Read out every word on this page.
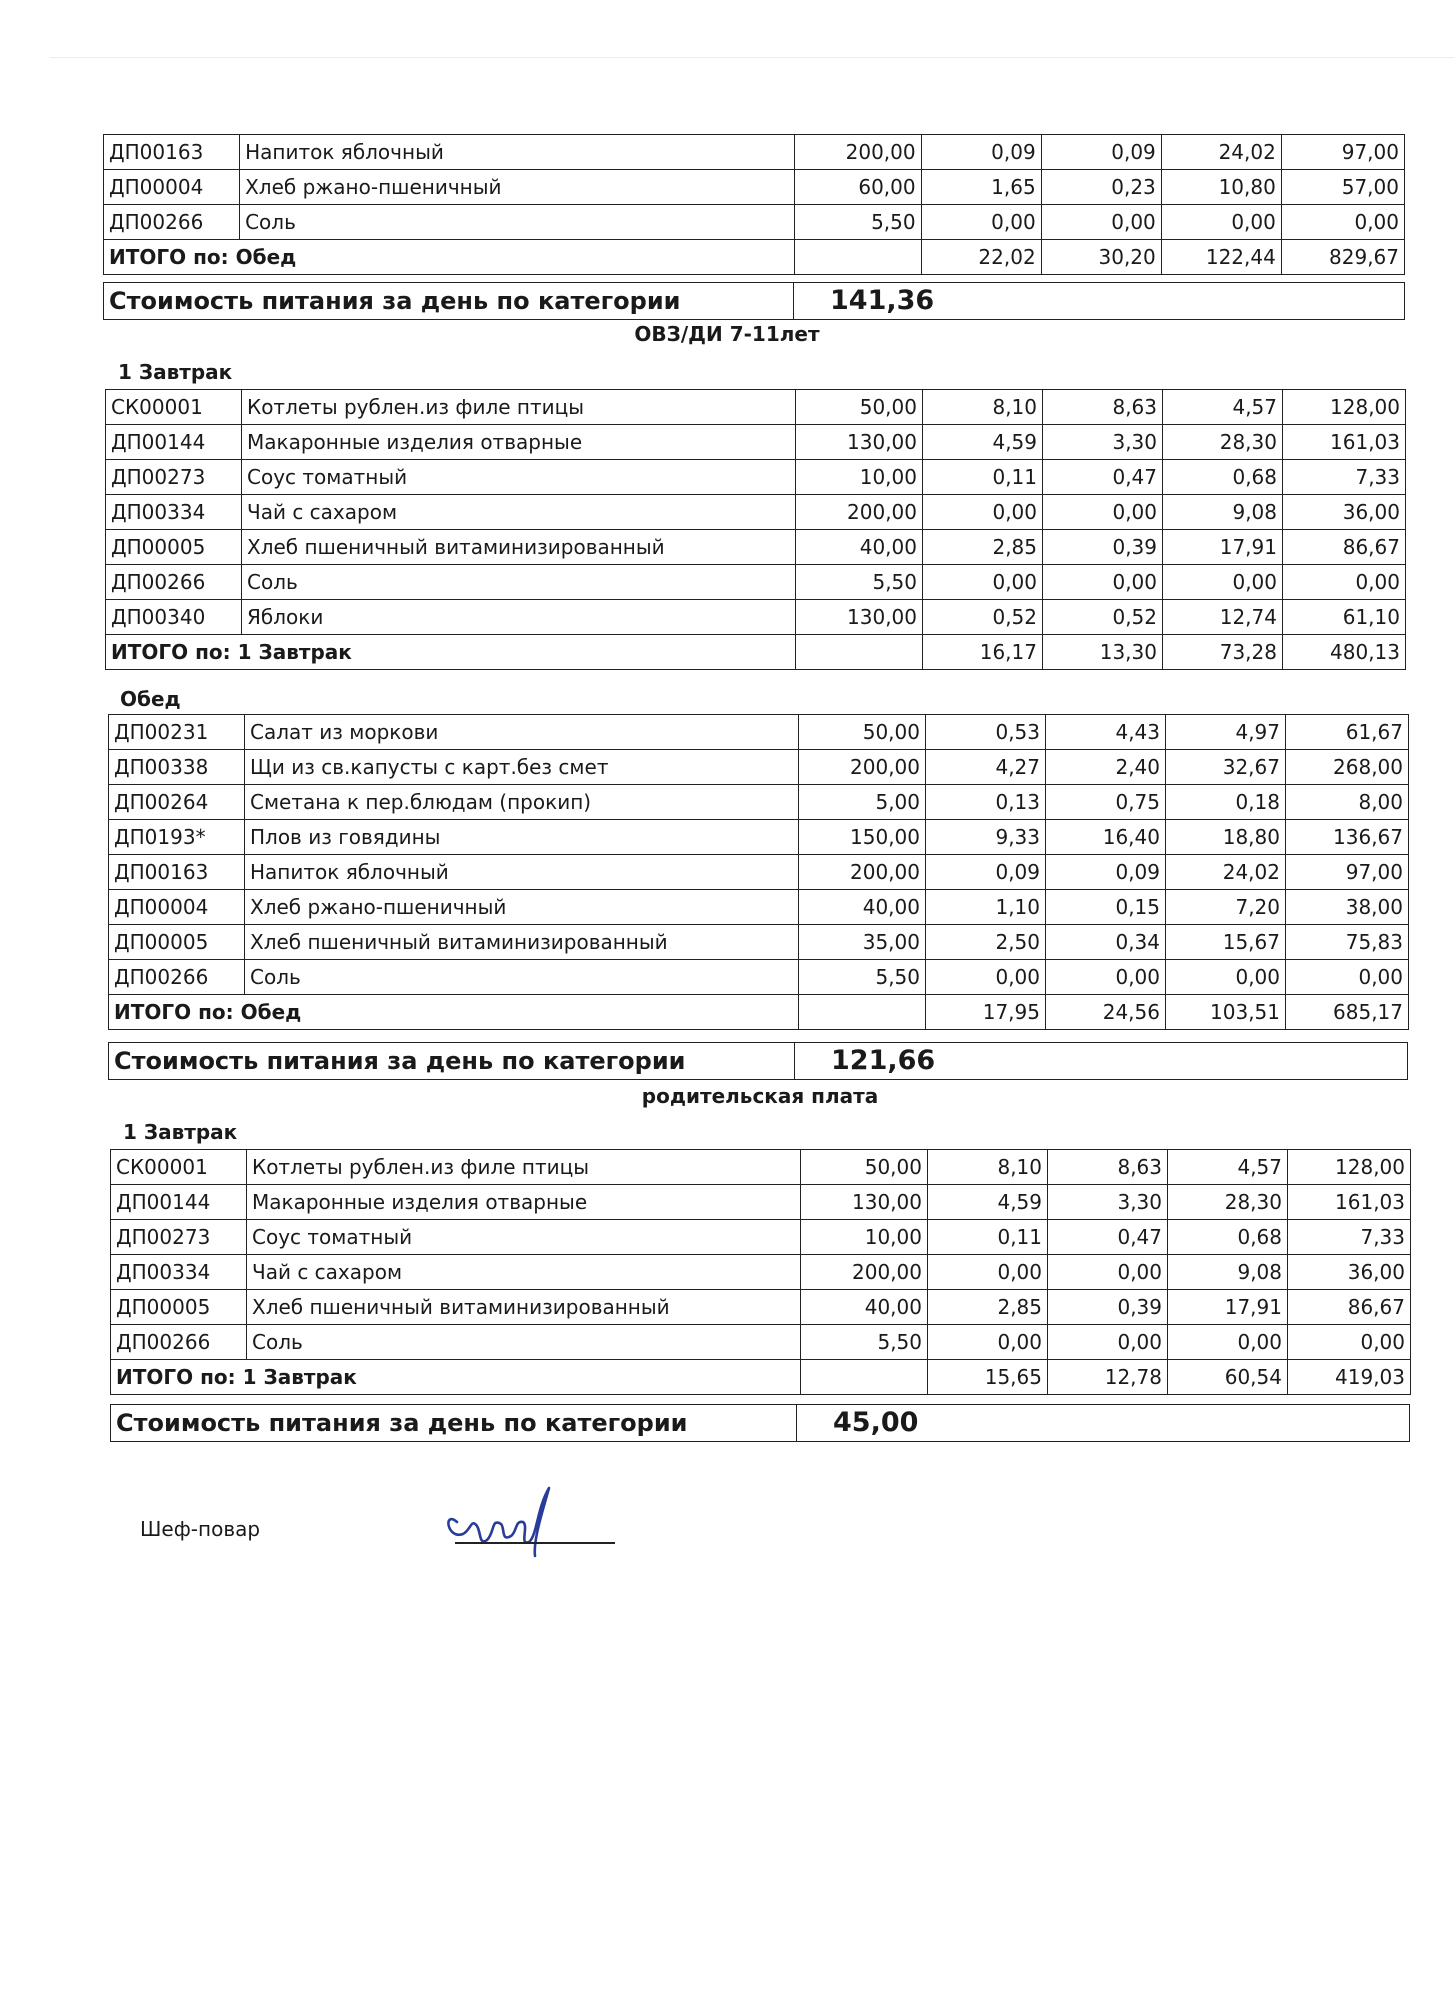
ДП00163	Напиток яблочный	200,00	0,09	0,09	24,02	97,00
ДП00004	Хлеб ржано-пшеничный	60,00	1,65	0,23	10,80	57,00
ДП00266	Соль	5,50	0,00	0,00	0,00	0,00
ИТОГО по: Обед			22,02	30,20	122,44	829,67
Стоимость питания за день по категории	141,36
ОВЗ/ДИ 7-11лет
1 Завтрак
СК00001	Котлеты рублен.из филе птицы	50,00	8,10	8,63	4,57	128,00
ДП00144	Макаронные изделия отварные	130,00	4,59	3,30	28,30	161,03
ДП00273	Соус томатный	10,00	0,11	0,47	0,68	7,33
ДП00334	Чай с сахаром	200,00	0,00	0,00	9,08	36,00
ДП00005	Хлеб пшеничный витаминизированный	40,00	2,85	0,39	17,91	86,67
ДП00266	Соль	5,50	0,00	0,00	0,00	0,00
ДП00340	Яблоки	130,00	0,52	0,52	12,74	61,10
ИТОГО по: 1 Завтрак			16,17	13,30	73,28	480,13
Обед
ДП00231	Салат из моркови	50,00	0,53	4,43	4,97	61,67
ДП00338	Щи из св.капусты с карт.без смет	200,00	4,27	2,40	32,67	268,00
ДП00264	Сметана к пер.блюдам (прокип)	5,00	0,13	0,75	0,18	8,00
ДП0193*	Плов из говядины	150,00	9,33	16,40	18,80	136,67
ДП00163	Напиток яблочный	200,00	0,09	0,09	24,02	97,00
ДП00004	Хлеб ржано-пшеничный	40,00	1,10	0,15	7,20	38,00
ДП00005	Хлеб пшеничный витаминизированный	35,00	2,50	0,34	15,67	75,83
ДП00266	Соль	5,50	0,00	0,00	0,00	0,00
ИТОГО по: Обед			17,95	24,56	103,51	685,17
Стоимость питания за день по категории	121,66
родительская плата
1 Завтрак
СК00001	Котлеты рублен.из филе птицы	50,00	8,10	8,63	4,57	128,00
ДП00144	Макаронные изделия отварные	130,00	4,59	3,30	28,30	161,03
ДП00273	Соус томатный	10,00	0,11	0,47	0,68	7,33
ДП00334	Чай с сахаром	200,00	0,00	0,00	9,08	36,00
ДП00005	Хлеб пшеничный витаминизированный	40,00	2,85	0,39	17,91	86,67
ДП00266	Соль	5,50	0,00	0,00	0,00	0,00
ИТОГО по: 1 Завтрак			15,65	12,78	60,54	419,03
Стоимость питания за день по категории	45,00
Шеф-повар
